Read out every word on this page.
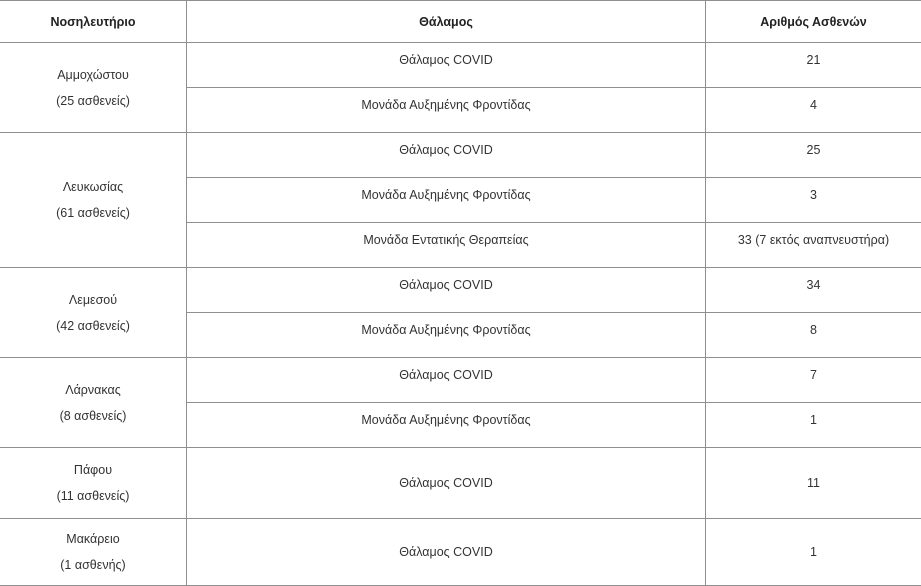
Νοσηλευτήριο	Θάλαμος	Αριθμός Ασθενών

Αμμοχώστου
(25 ασθενείς)	Θάλαμος COVID	21
	Μονάδα Αυξημένης Φροντίδας	4

Λευκωσίας
(61 ασθενείς)	Θάλαμος COVID	25
	Μονάδα Αυξημένης Φροντίδας	3
	Μονάδα Εντατικής Θεραπείας	33 (7 εκτός αναπνευστήρα)

Λεμεσού
(42 ασθενείς)	Θάλαμος COVID	34
	Μονάδα Αυξημένης Φροντίδας	8

Λάρνακας
(8 ασθενείς)	Θάλαμος COVID	7
	Μονάδα Αυξημένης Φροντίδας	1

Πάφου
(11 ασθενείς)	Θάλαμος COVID	11

Μακάρειο
(1 ασθενής)	Θάλαμος COVID	1
